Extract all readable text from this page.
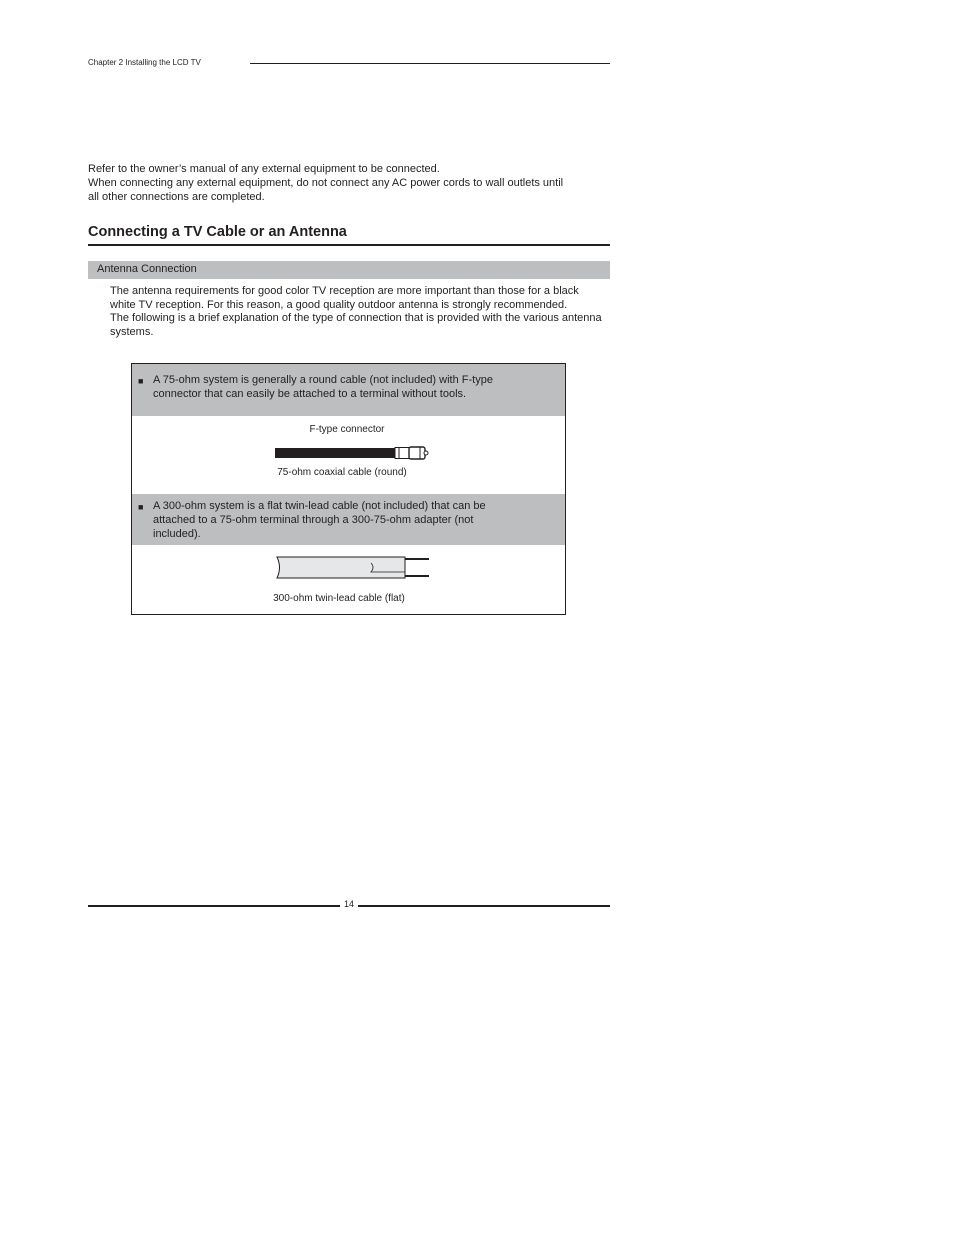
Chapter 2 Installing the LCD TV

Refer to the owner’s manual of any external equipment to be connected.

When connecting any external equipment, do not connect any AC power cords to wall outlets until all other connections are completed.

Connecting a TV Cable or an Antenna
Antenna Connection

The antenna requirements for good color TV reception are more important than those for a black white TV reception. For this reason, a good quality outdoor antenna is strongly recommended.

The following is a brief explanation of the type of connection that is provided with the various antenna systems.

■ A 75-ohm system is generally a round cable (not included) with F-type connector that can easily be attached to a terminal without tools.
F-type connector
75-ohm coaxial cable (round)
■ A 300-ohm system is a flat twin-lead cable (not included) that can be attached to a 75-ohm terminal through a 300-75-ohm adapter (not included).
300-ohm twin-lead cable (flat)
14
